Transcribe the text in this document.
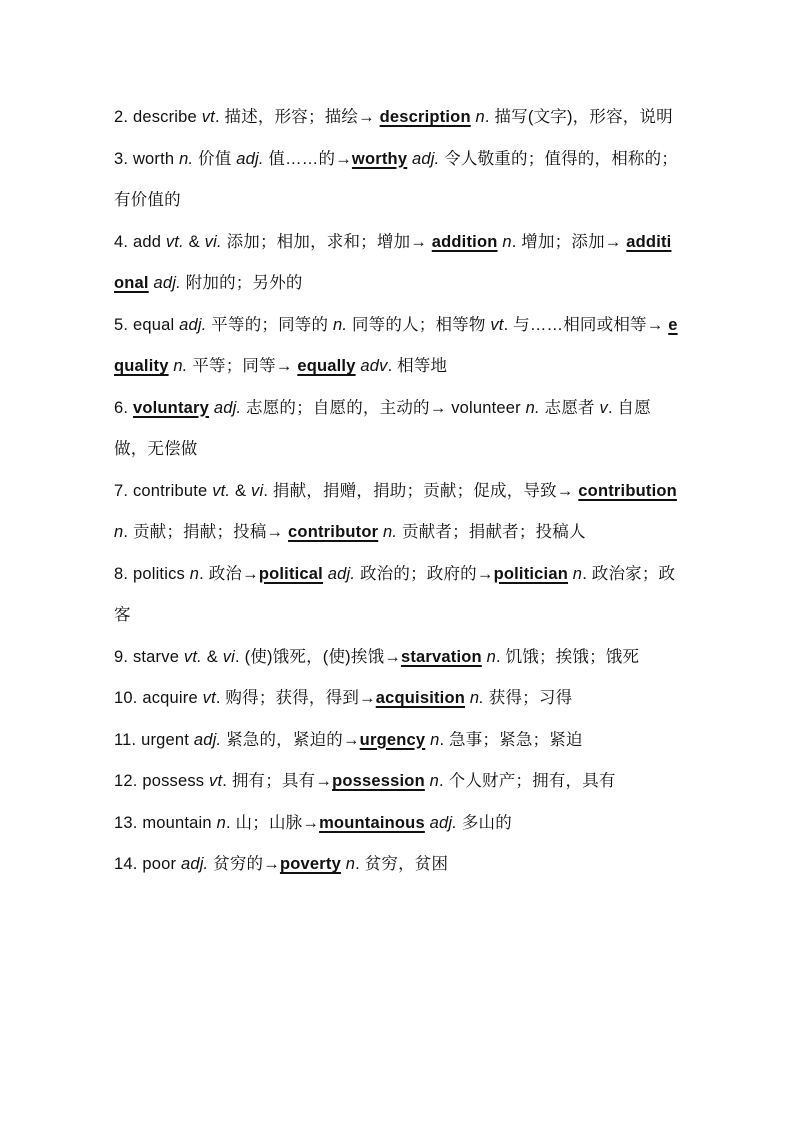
2. describe vt. 描述，形容；描绘→ description n. 描写(文字)，形容，说明
3. worth n. 价值 adj. 值……的→worthy adj. 令人敬重的；值得的，相称的；有价值的
4. add vt. & vi. 添加；相加，求和；增加→ addition n. 增加；添加→ additional adj. 附加的；另外的
5. equal adj. 平等的；同等的 n. 同等的人；相等物 vt. 与……相同或相等→ equality n. 平等；同等→ equally adv. 相等地
6. voluntary adj. 志愿的；自愿的，主动的→ volunteer n. 志愿者 v. 自愿做，无偿做
7. contribute vt. & vi. 捐献，捐赠，捐助；贡献；促成，导致→ contribution n. 贡献；捐献；投稿→ contributor n. 贡献者；捐献者；投稿人
8. politics n. 政治→political adj. 政治的；政府的→politician n. 政治家；政客
9. starve vt. & vi. (使)饿死，(使)挨饿→starvation n. 饥饿；挨饿；饿死
10. acquire vt. 购得；获得，得到→acquisition n. 获得；习得
11. urgent adj. 紧急的，紧迫的→urgency n. 急事；紧急；紧迫
12. possess vt. 拥有；具有→possession n. 个人财产；拥有，具有
13. mountain n. 山；山脉→mountainous adj. 多山的
14. poor adj. 贫穷的→poverty n. 贫穷，贫困
